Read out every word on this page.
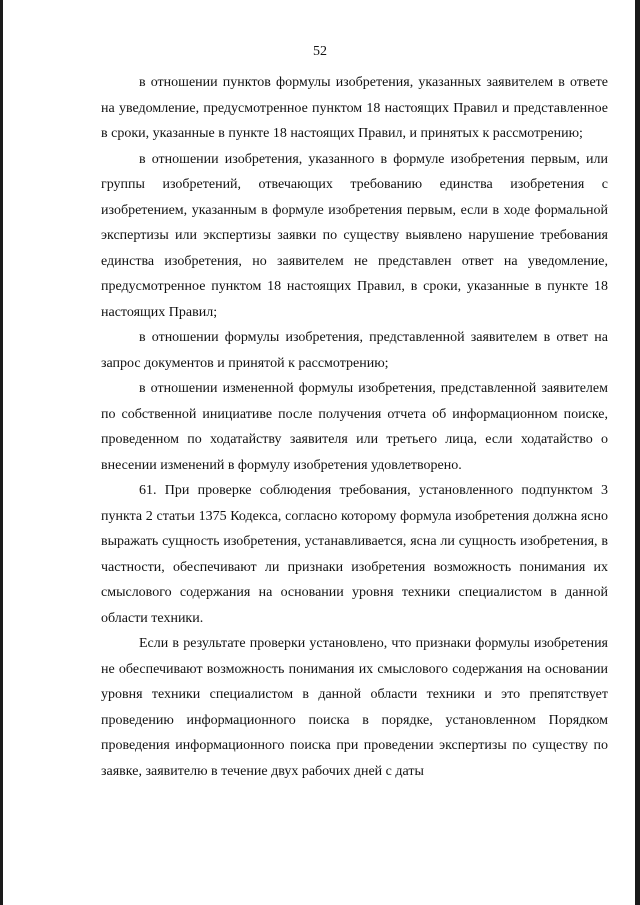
52

в отношении пунктов формулы изобретения, указанных заявителем в ответе на уведомление, предусмотренное пунктом 18 настоящих Правил и представленное в сроки, указанные в пункте 18 настоящих Правил, и принятых к рассмотрению;

в отношении изобретения, указанного в формуле изобретения первым, или группы изобретений, отвечающих требованию единства изобретения с изобретением, указанным в формуле изобретения первым, если в ходе формальной экспертизы или экспертизы заявки по существу выявлено нарушение требования единства изобретения, но заявителем не представлен ответ на уведомление, предусмотренное пунктом 18 настоящих Правил, в сроки, указанные в пункте 18 настоящих Правил;

в отношении формулы изобретения, представленной заявителем в ответ на запрос документов и принятой к рассмотрению;

в отношении измененной формулы изобретения, представленной заявителем по собственной инициативе после получения отчета об информационном поиске, проведенном по ходатайству заявителя или третьего лица, если ходатайство о внесении изменений в формулу изобретения удовлетворено.

61. При проверке соблюдения требования, установленного подпунктом 3 пункта 2 статьи 1375 Кодекса, согласно которому формула изобретения должна ясно выражать сущность изобретения, устанавливается, ясна ли сущность изобретения, в частности, обеспечивают ли признаки изобретения возможность понимания их смыслового содержания на основании уровня техники специалистом в данной области техники.

Если в результате проверки установлено, что признаки формулы изобретения не обеспечивают возможность понимания их смыслового содержания на основании уровня техники специалистом в данной области техники и это препятствует проведению информационного поиска в порядке, установленном Порядком проведения информационного поиска при проведении экспертизы по существу по заявке, заявителю в течение двух рабочих дней с даты
